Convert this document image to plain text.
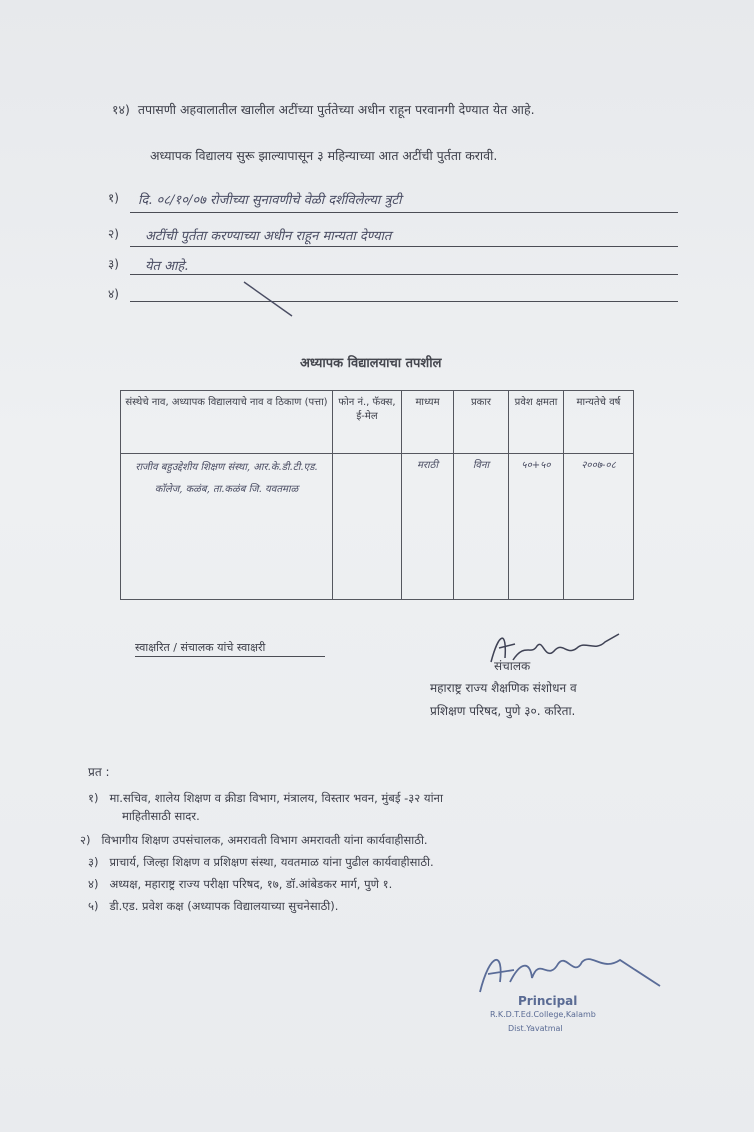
१४) तपासणी अहवालातील खालील अटींच्या पुर्ततेच्या अधीन राहून परवानगी देण्यात येत आहे.
अध्यापक विद्यालय सुरू झाल्यापासून ३ महिन्याच्या आत अटींची पुर्तता करावी.
१) दि. ०८/१०/०७ रोजीच्या सुनावणीचे वेळी दर्शविलेल्या त्रुटी
२) अटींची पुर्तता करण्याच्या अधीन राहून मान्यता देण्यात
३) येत आहे.
४)
अध्यापक विद्यालयाचा तपशील
संस्थेचे नाव, अध्यापक विद्यालयाचे नाव व ठिकाण (पत्ता)	फोन नं., फॅक्स, ई-मेल	माध्यम	प्रकार	प्रवेश क्षमता	मान्यतेचे वर्ष
राजीव बहुउद्देशीय शिक्षण संस्था, आर.के.डी.टी.एड. कॉलेज, कळंब, ता.कळंब जि. यवतमाळ		मराठी	विना	५०+५०	२००७-०८
स्वाक्षरित / संचालक यांचे स्वाक्षरी
संचालक
महाराष्ट्र राज्य शैक्षणिक संशोधन व
प्रशिक्षण परिषद, पुणे ३०. करिता.
प्रत :
१) मा.सचिव, शालेय शिक्षण व क्रीडा विभाग, मंत्रालय, विस्तार भवन, मुंबई -३२ यांना
माहितीसाठी सादर.
२) विभागीय शिक्षण उपसंचालक, अमरावती विभाग अमरावती यांना कार्यवाहीसाठी.
३) प्राचार्य, जिल्हा शिक्षण व प्रशिक्षण संस्था, यवतमाळ यांना पुढील कार्यवाहीसाठी.
४) अध्यक्ष, महाराष्ट्र राज्य परीक्षा परिषद, १७, डॉ.आंबेडकर मार्ग, पुणे १.
५) डी.एड. प्रवेश कक्ष (अध्यापक विद्यालयाच्या सुचनेसाठी).
Principal
R.K.D.T.Ed.College,Kalamb
Dist.Yavatmal
